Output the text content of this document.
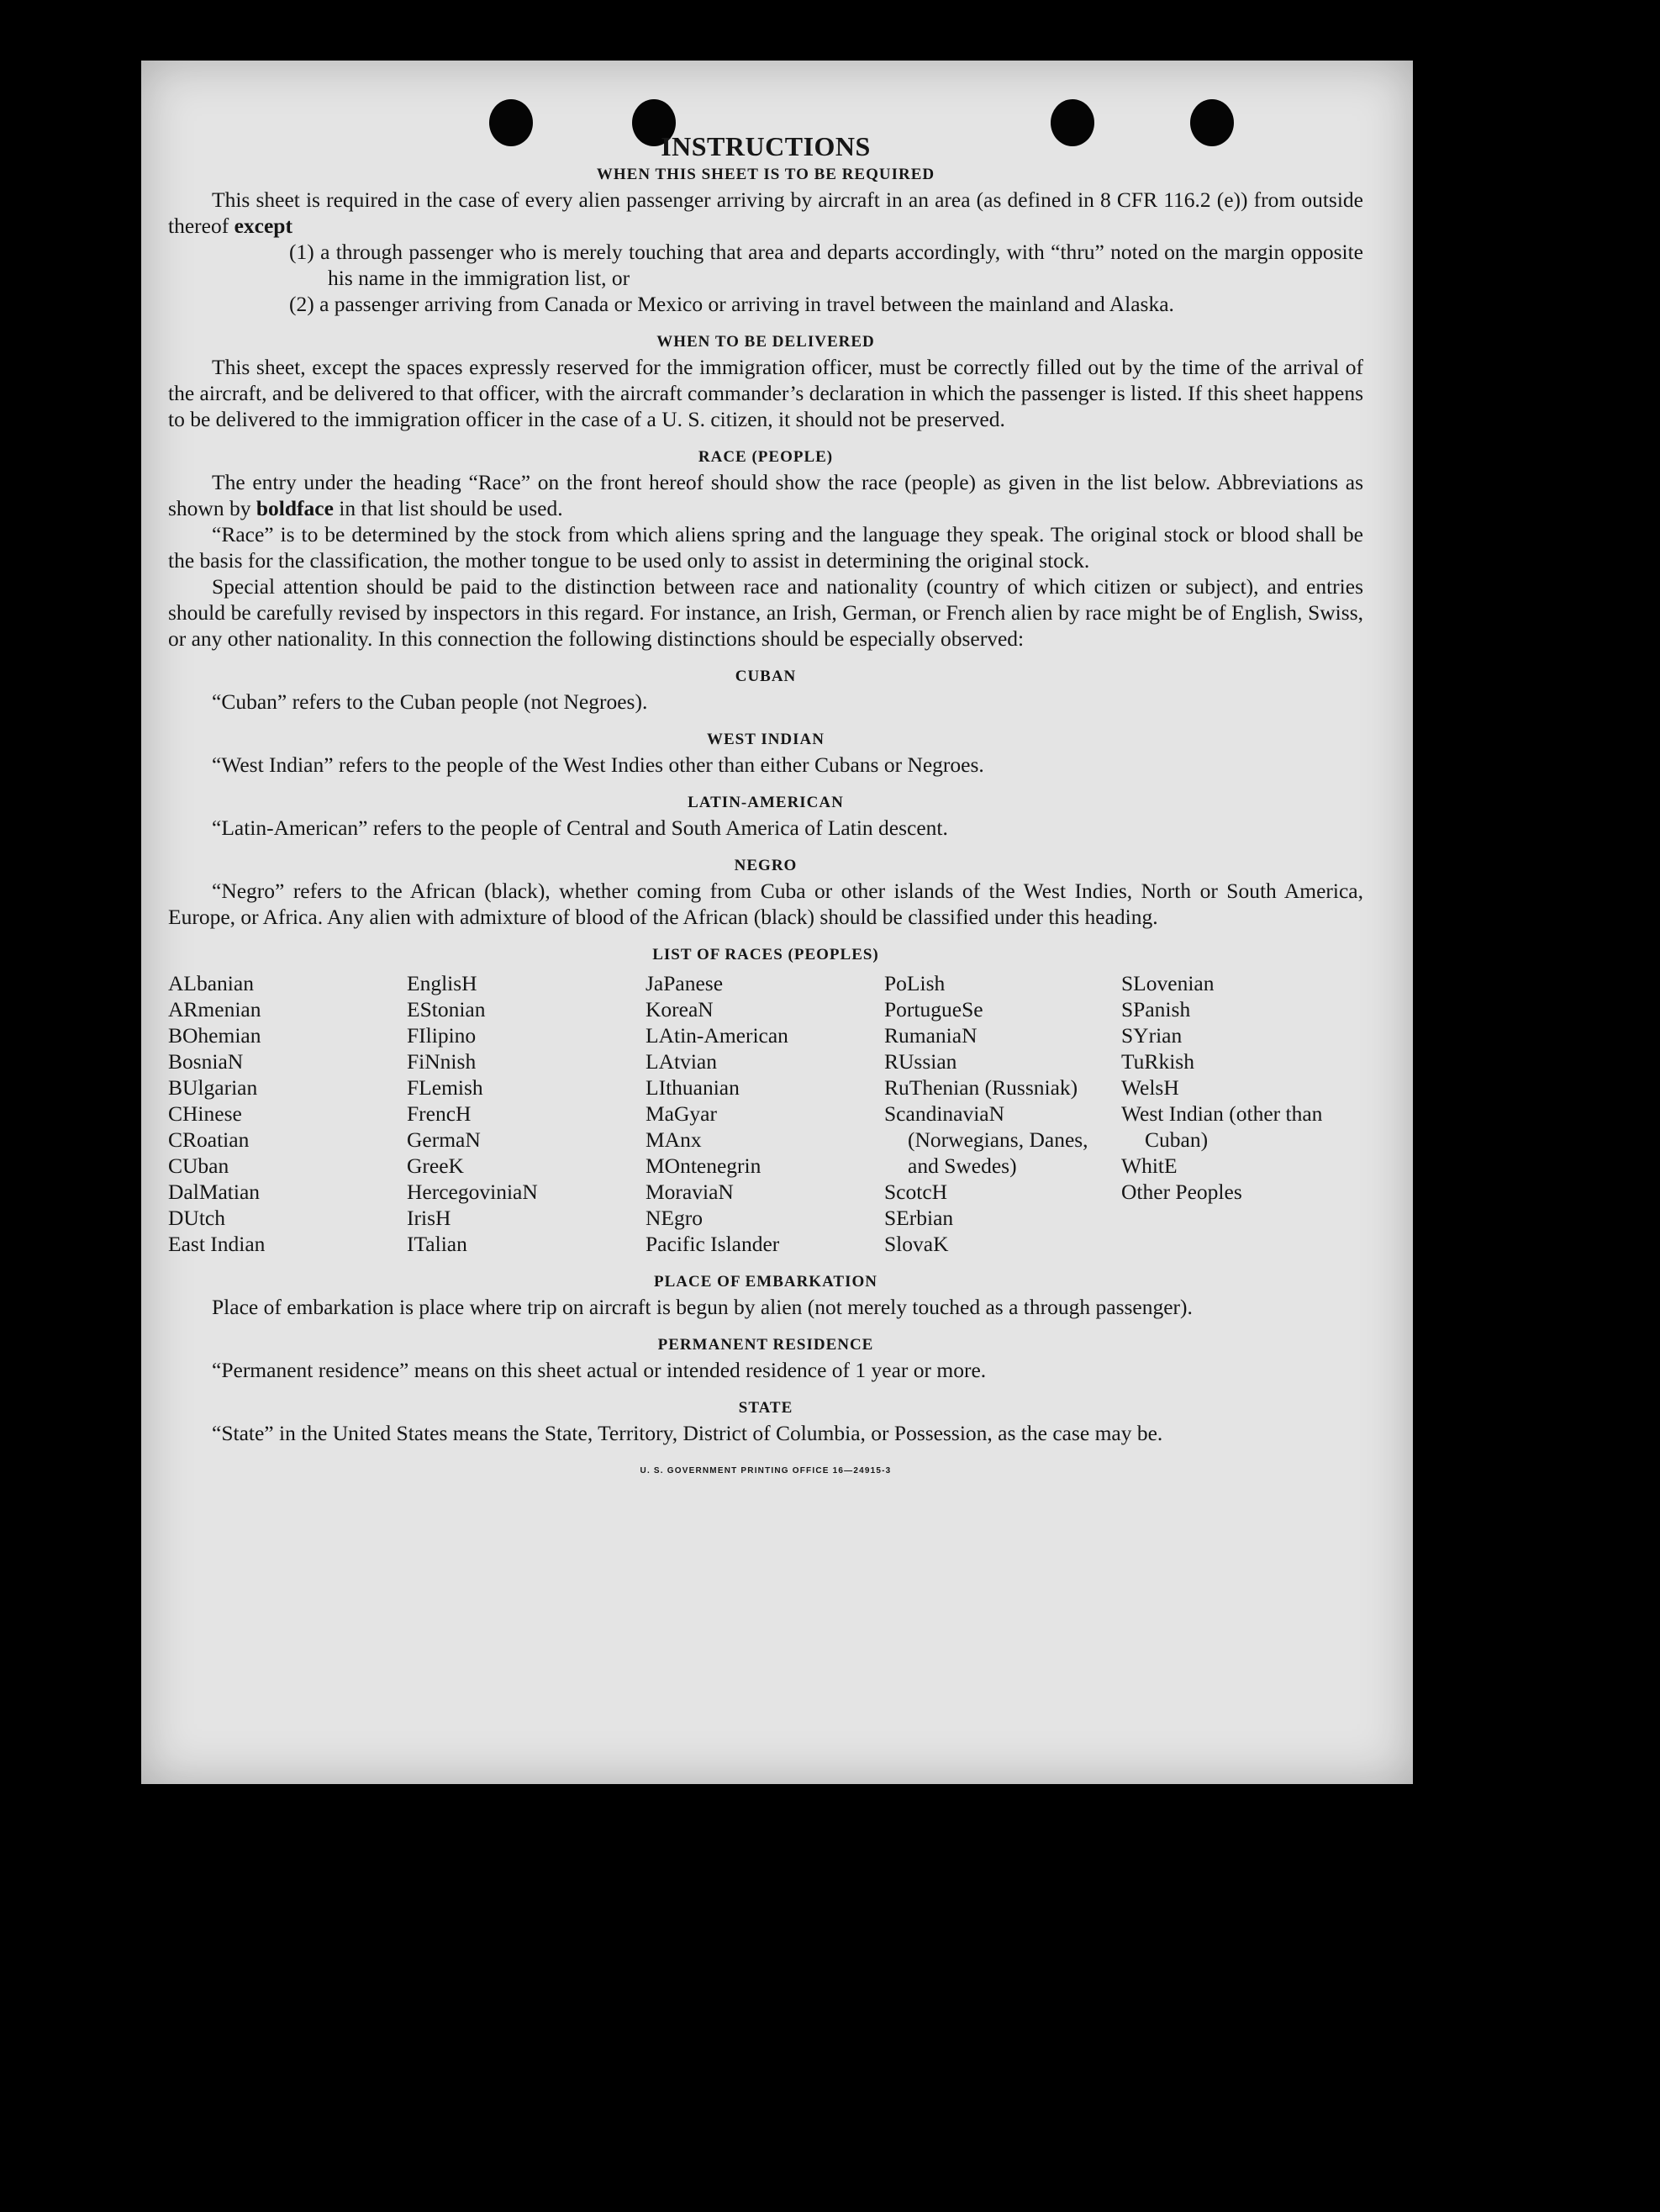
INSTRUCTIONS
WHEN THIS SHEET IS TO BE REQUIRED

This sheet is required in the case of every alien passenger arriving by aircraft in an area (as defined in 8 CFR 116.2 (e)) from outside thereof except

(1) a through passenger who is merely touching that area and departs accordingly, with “thru” noted on the margin opposite his name in the immigration list, or

(2) a passenger arriving from Canada or Mexico or arriving in travel between the mainland and Alaska.

WHEN TO BE DELIVERED

This sheet, except the spaces expressly reserved for the immigration officer, must be correctly filled out by the time of the arrival of the aircraft, and be delivered to that officer, with the aircraft commander’s declaration in which the passenger is listed. If this sheet happens to be delivered to the immigration officer in the case of a U. S. citizen, it should not be preserved.

RACE (PEOPLE)

The entry under the heading “Race” on the front hereof should show the race (people) as given in the list below. Abbreviations as shown by boldface in that list should be used.

“Race” is to be determined by the stock from which aliens spring and the language they speak. The original stock or blood shall be the basis for the classification, the mother tongue to be used only to assist in determining the original stock.

Special attention should be paid to the distinction between race and nationality (country of which citizen or subject), and entries should be carefully revised by inspectors in this regard. For instance, an Irish, German, or French alien by race might be of English, Swiss, or any other nationality. In this connection the following distinctions should be especially observed:

CUBAN

“Cuban” refers to the Cuban people (not Negroes).

WEST INDIAN

“West Indian” refers to the people of the West Indies other than either Cubans or Negroes.

LATIN-AMERICAN

“Latin-American” refers to the people of Central and South America of Latin descent.

NEGRO

“Negro” refers to the African (black), whether coming from Cuba or other islands of the West Indies, North or South America, Europe, or Africa. Any alien with admixture of blood of the African (black) should be classified under this heading.

LIST OF RACES (PEOPLES)
ALbanian
ARmenian
BOhemian
BosniaN
BUlgarian
CHinese
CRoatian
CUban
DalMatian
DUtch
East Indian
EnglisH
EStonian
FIlipino
FiNnish
FLemish
FrencH
GermaN
GreeK
HercegoviniaN
IrisH
ITalian
JaPanese
KoreaN
LAtin-American
LAtvian
LIthuanian
MaGyar
MAnx
MOntenegrin
MoraviaN
NEgro
Pacific Islander
PoLish
PortugueSe
RumaniaN
RUssian
RuThenian (Russniak)
ScandinaviaN (Norwegians, Danes, and Swedes)
ScotcH
SErbian
SlovaK
SLovenian
SPanish
SYrian
TuRkish
WelsH
West Indian (other than Cuban)
WhitE
Other Peoples
PLACE OF EMBARKATION

Place of embarkation is place where trip on aircraft is begun by alien (not merely touched as a through passenger).

PERMANENT RESIDENCE

“Permanent residence” means on this sheet actual or intended residence of 1 year or more.

STATE

“State” in the United States means the State, Territory, District of Columbia, or Possession, as the case may be.

U. S. GOVERNMENT PRINTING OFFICE 16—24915-3
